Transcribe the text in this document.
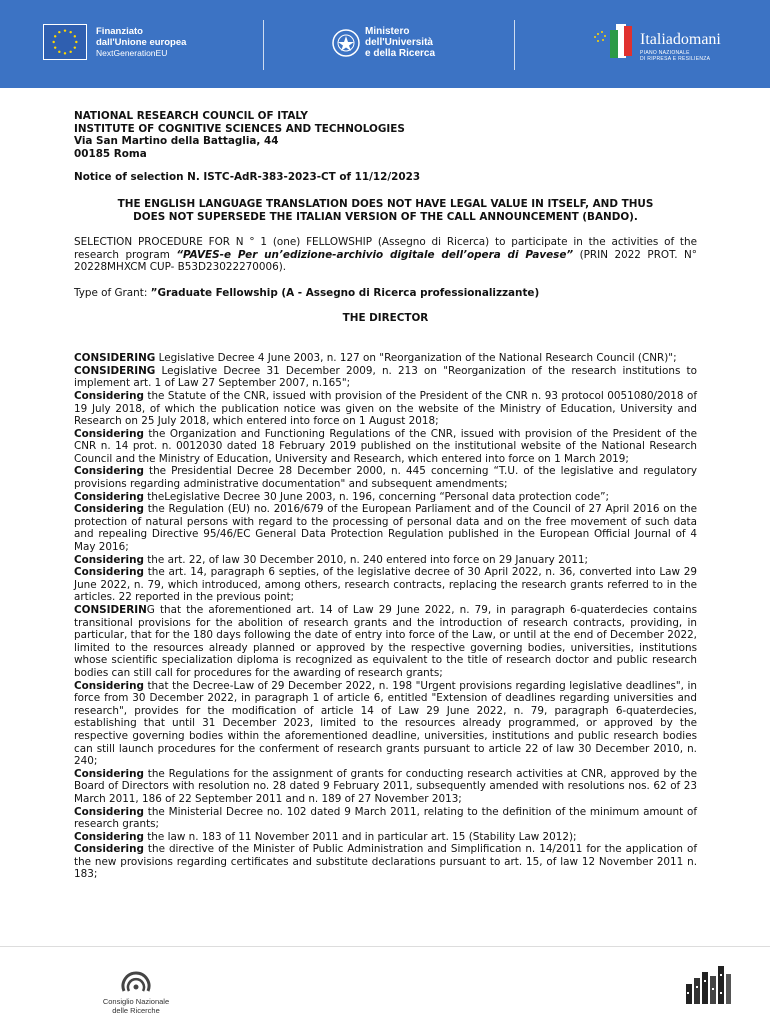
Finanziato
dall'Unione europea
NextGenerationEU
Ministero
dell'Università
e della Ricerca
Italiadomani
PIANO NAZIONALE
DI RIPRESA E RESILIENZA
NATIONAL RESEARCH COUNCIL OF ITALY
INSTITUTE OF COGNITIVE SCIENCES AND TECHNOLOGIES
Via San Martino della Battaglia, 44
00185 Roma
Notice of selection N. ISTC-AdR-383-2023-CT of 11/12/2023
THE ENGLISH LANGUAGE TRANSLATION DOES NOT HAVE LEGAL VALUE IN ITSELF, AND THUS
DOES NOT SUPERSEDE THE ITALIAN VERSION OF THE CALL ANNOUNCEMENT (BANDO).

SELECTION PROCEDURE FOR N ° 1 (one) FELLOWSHIP (Assegno di Ricerca) to participate in the activities of the research program “PAVES-e Per un’edizione-archivio digitale dell’opera di Pavese” (PRIN 2022 PROT. N° 20228MHXCM CUP- B53D23022270006).

Type of Grant: ”Graduate Fellowship (A - Assegno di Ricerca professionalizzante)

THE DIRECTOR

CONSIDERING Legislative Decree 4 June 2003, n. 127 on "Reorganization of the National Research Council (CNR)";

CONSIDERING Legislative Decree 31 December 2009, n. 213 on "Reorganization of the research institutions to implement art. 1 of Law 27 September 2007, n.165";

Considering the Statute of the CNR, issued with provision of the President of the CNR n. 93 protocol 0051080/2018 of 19 July 2018, of which the publication notice was given on the website of the Ministry of Education, University and Research on 25 July 2018, which entered into force on 1 August 2018;

Considering the Organization and Functioning Regulations of the CNR, issued with provision of the President of the CNR n. 14 prot. n. 0012030 dated 18 February 2019 published on the institutional website of the National Research Council and the Ministry of Education, University and Research, which entered into force on 1 March 2019;

Considering the Presidential Decree 28 December 2000, n. 445 concerning “T.U. of the legislative and regulatory provisions regarding administrative documentation" and subsequent amendments;

Considering theLegislative Decree 30 June 2003, n. 196, concerning “Personal data protection code”;

Considering the Regulation (EU) no. 2016/679 of the European Parliament and of the Council of 27 April 2016 on the protection of natural persons with regard to the processing of personal data and on the free movement of such data and repealing Directive 95/46/EC General Data Protection Regulation published in the European Official Journal of 4 May 2016;

Considering the art. 22, of law 30 December 2010, n. 240 entered into force on 29 January 2011;

Considering the art. 14, paragraph 6 septies, of the legislative decree of 30 April 2022, n. 36, converted into Law 29 June 2022, n. 79, which introduced, among others, research contracts, replacing the research grants referred to in the articles. 22 reported in the previous point;

CONSIDERING that the aforementioned art. 14 of Law 29 June 2022, n. 79, in paragraph 6-quaterdecies contains transitional provisions for the abolition of research grants and the introduction of research contracts, providing, in particular, that for the 180 days following the date of entry into force of the Law, or until at the end of December 2022, limited to the resources already planned or approved by the respective governing bodies, universities, institutions whose scientific specialization diploma is recognized as equivalent to the title of research doctor and public research bodies can still call for procedures for the awarding of research grants;

Considering that the Decree-Law of 29 December 2022, n. 198 "Urgent provisions regarding legislative deadlines", in force from 30 December 2022, in paragraph 1 of article 6, entitled "Extension of deadlines regarding universities and research", provides for the modification of article 14 of Law 29 June 2022, n. 79, paragraph 6-quaterdecies, establishing that until 31 December 2023, limited to the resources already programmed, or approved by the respective governing bodies within the aforementioned deadline, universities, institutions and public research bodies can still launch procedures for the conferment of research grants pursuant to article 22 of law 30 December 2010, n. 240;

Considering the Regulations for the assignment of grants for conducting research activities at CNR, approved by the Board of Directors with resolution no. 28 dated 9 February 2011, subsequently amended with resolutions nos. 62 of 23 March 2011, 186 of 22 September 2011 and n. 189 of 27 November 2013;

Considering the Ministerial Decree no. 102 dated 9 March 2011, relating to the definition of the minimum amount of research grants;

Considering the law n. 183 of 11 November 2011 and in particular art. 15 (Stability Law 2012);

Considering the directive of the Minister of Public Administration and Simplification n. 14/2011 for the application of the new provisions regarding certificates and substitute declarations pursuant to art. 15, of law 12 November 2011 n. 183;

Consiglio Nazionale
delle Ricerche
